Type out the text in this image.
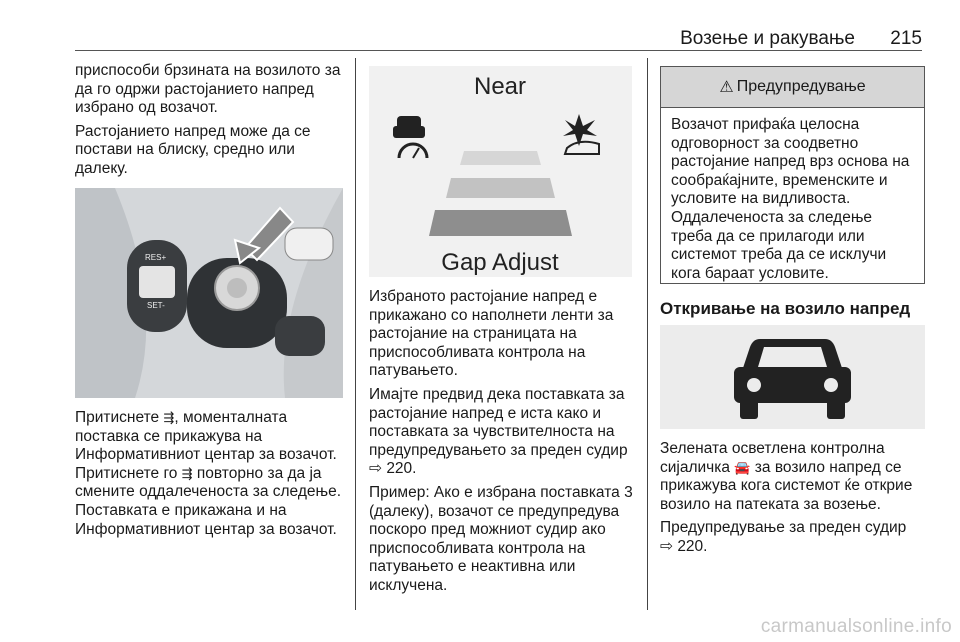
Возење и ракување 215

приспособи брзината на возилото за да го одржи растојанието напред избрано од возачот.

Растојанието напред може да се постави на блиску, средно или далеку.

RES+
SET-

Притиснете ⇶, моменталната поставка се прикажува на Информативниот центар за возачот. Притиснете го ⇶ повторно за да ја смените оддалеченоста за следење. Поставката е прикажана и на Информативниот центар за возачот.

Near
Gap Adjust

Избраното растојание напред е прикажано со наполнети ленти за растојание на страницата на приспособливата контрола на патувањето.

Имајте предвид дека поставката за растојание напред е иста како и поставката за чувствителноста на предупредувањето за преден судир ⇨ 220.

Пример: Ако е избрана поставката 3 (далеку), возачот се предупредува поскоро пред можниот судир ако приспособливата контрола на патувањето е неактивна или исклучена.

⚠ Предупредување
Возачот прифаќа целосна одговорност за соодветно растојание напред врз основа на сообраќајните, временските и условите на видливоста. Оддалеченоста за следење треба да се прилагоди или системот треба да се исклучи кога бараат условите.
Откривање на возило напред

Зелената осветлена контролна сијаличка 🚘 за возило напред се прикажува кога системот ќе открие возило на патеката за возење.

Предупредување за преден судир
⇨ 220.

carmanualsonline.info
